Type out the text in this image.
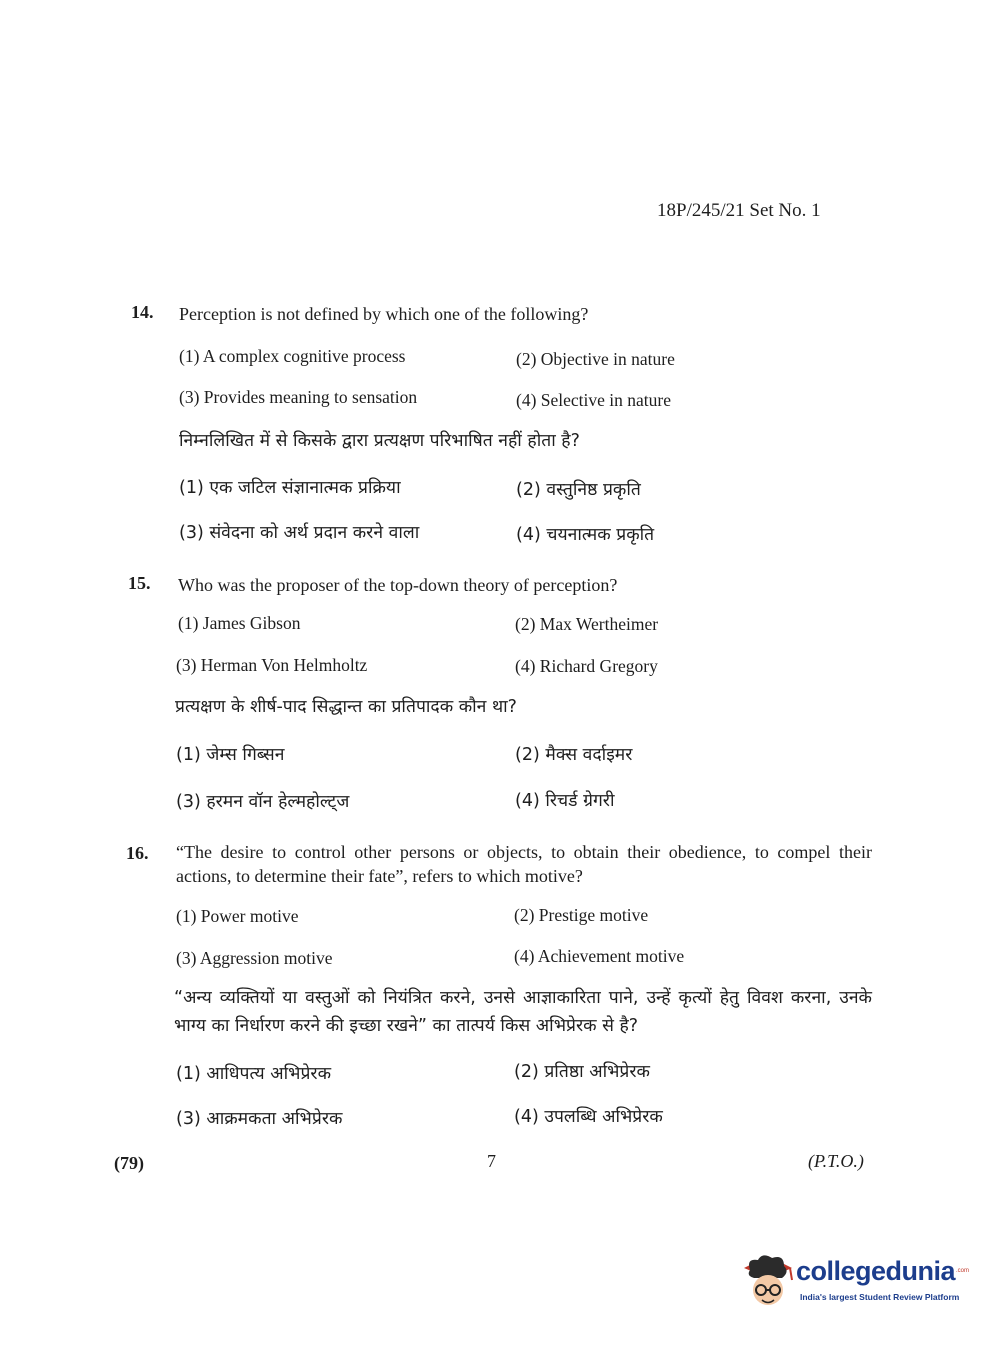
18P/245/21 Set No. 1
14. Perception is not defined by which one of the following?
(1) A complex cognitive process	(2) Objective in nature
(3) Provides meaning to sensation	(4) Selective in nature
निम्नलिखित में से किसके द्वारा प्रत्यक्षण परिभाषित नहीं होता है?
(1) एक जटिल संज्ञानात्मक प्रक्रिया	(2) वस्तुनिष्ठ प्रकृति
(3) संवेदना को अर्थ प्रदान करने वाला	(4) चयनात्मक प्रकृति
15. Who was the proposer of the top-down theory of perception?
(1) James Gibson	(2) Max Wertheimer
(3) Herman Von Helmholtz	(4) Richard Gregory
प्रत्यक्षण के शीर्ष-पाद सिद्धान्त का प्रतिपादक कौन था?
(1) जेम्स गिब्सन	(2) मैक्स वर्दाइमर
(3) हरमन वॉन हेल्महोल्ट्ज	(4) रिचर्ड ग्रेगरी
16. “The desire to control other persons or objects, to obtain their obedience, to compel their actions, to determine their fate”, refers to which motive?
(1) Power motive	(2) Prestige motive
(3) Aggression motive	(4) Achievement motive
“अन्य व्यक्तियों या वस्तुओं को नियंत्रित करने, उनसे आज्ञाकारिता पाने, उन्हें कृत्यों हेतु विवश करना, उनके भाग्य का निर्धारण करने की इच्छा रखने” का तात्पर्य किस अभिप्रेरक से है?
(1) आधिपत्य अभिप्रेरक	(2) प्रतिष्ठा अभिप्रेरक
(3) आक्रमकता अभिप्रेरक	(4) उपलब्धि अभिप्रेरक
(79)	7	(P.T.O.)
collegedunia .com
India's largest Student Review Platform
